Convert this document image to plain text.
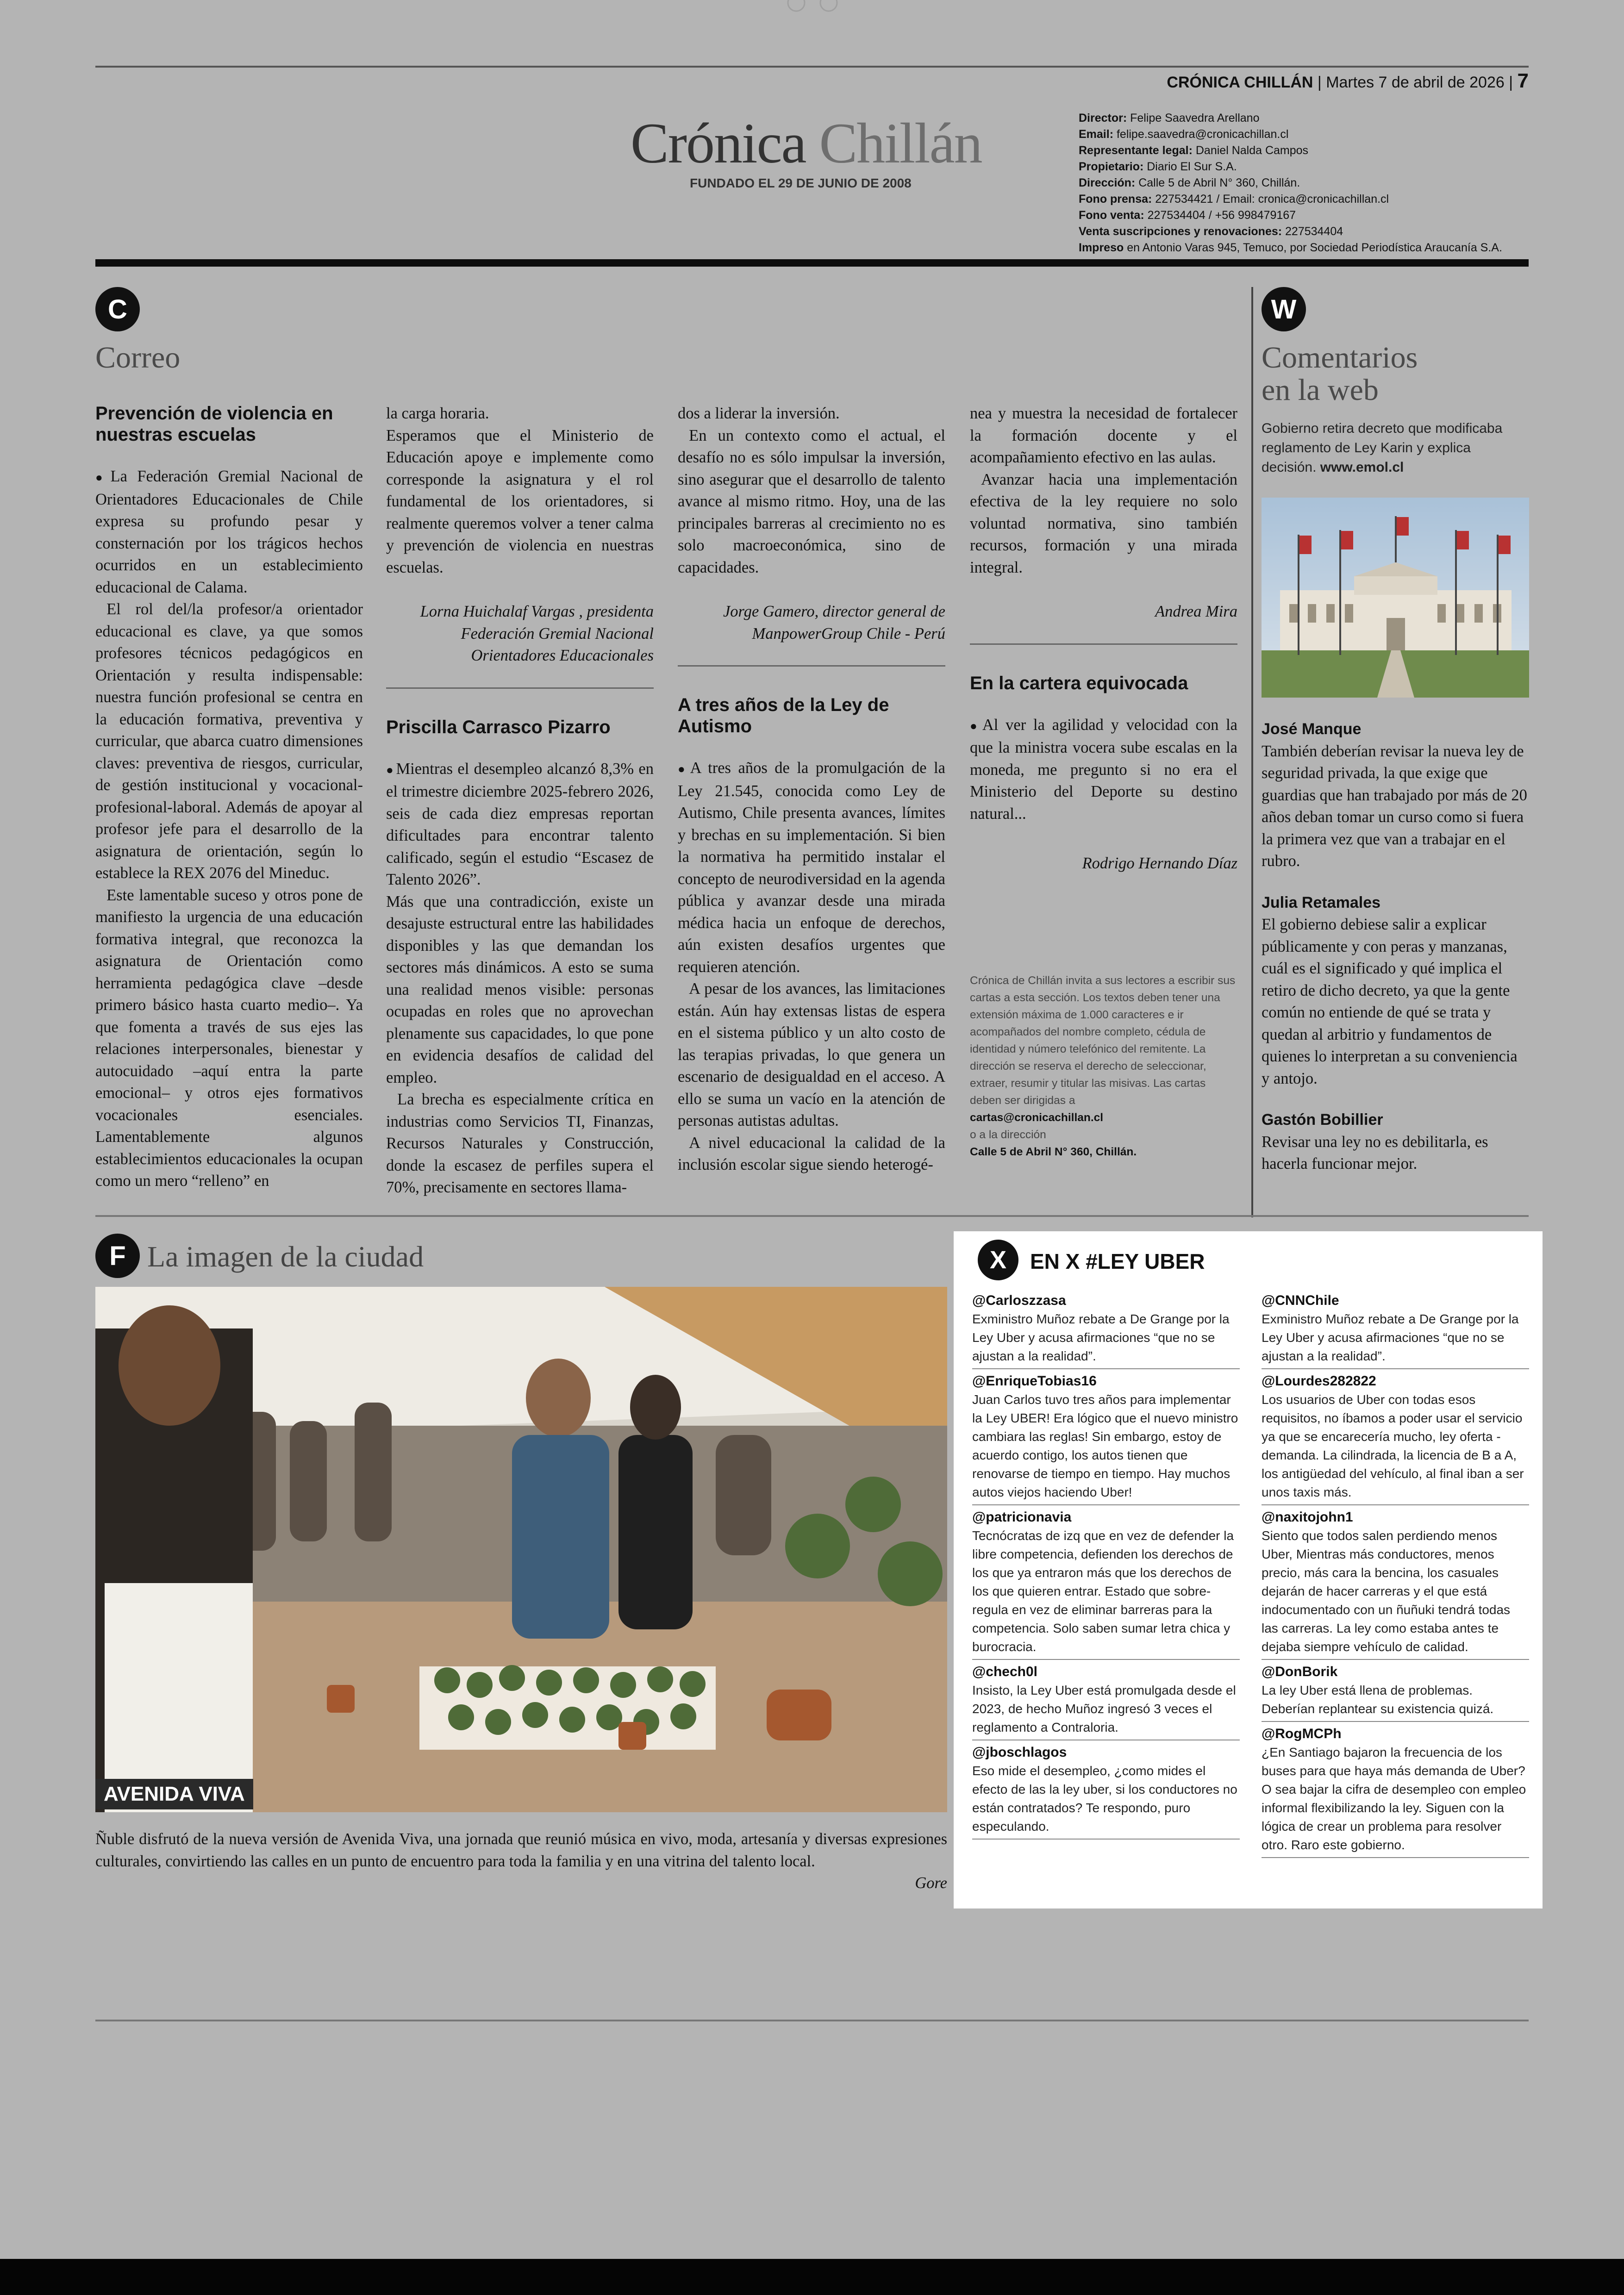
CRÓNICA CHILLÁN | Martes 7 de abril de 2026 | 7
Crónica Chillán
FUNDADO EL 29 DE JUNIO DE 2008

Director: Felipe Saavedra Arellano

Email: felipe.saavedra@cronicachillan.cl

Representante legal: Daniel Nalda Campos

Propietario: Diario El Sur S.A.

Dirección: Calle 5 de Abril N° 360, Chillán.

Fono prensa: 227534421 / Email: cronica@cronicachillan.cl

Fono venta: 227534404 / +56 998479167

Venta suscripciones y renovaciones: 227534404

Impreso en Antonio Varas 945, Temuco, por Sociedad Periodística Araucanía S.A.

C
Correo
Prevención de violencia en nuestras escuelas

● La Federación Gremial Nacional de Orientadores Educacionales de Chile expresa su profundo pesar y consternación por los trágicos hechos ocurridos en un establecimiento educacional de Calama.

El rol del/la profesor/a orientador educacional es clave, ya que somos profesores técnicos pedagógicos en Orientación y resulta indispensable: nuestra función profesional se centra en la educación formativa, preventiva y curricular, que abarca cuatro dimensiones claves: preventiva de riesgos, curricular, de gestión institucional y vocacional-profesional-laboral. Además de apoyar al profesor jefe para el desarrollo de la asignatura de orientación, según lo establece la REX 2076 del Mineduc.

Este lamentable suceso y otros pone de manifiesto la urgencia de una educación formativa integral, que reconozca la asignatura de Orientación como herramienta pedagógica clave –desde primero básico hasta cuarto medio–. Ya que fomenta a través de sus ejes las relaciones interpersonales, bienestar y autocuidado –aquí entra la parte emocional– y otros ejes formativos vocacionales esenciales. Lamentablemente algunos establecimientos educacionales la ocupan como un mero “relleno” en

la carga horaria.

Esperamos que el Ministerio de Educación apoye e implemente como corresponde la asignatura y el rol fundamental de los orientadores, si realmente queremos volver a tener calma y prevención de violencia en nuestras escuelas.

Lorna Huichalaf Vargas , presidenta Federación Gremial Nacional Orientadores Educacionales

Priscilla Carrasco Pizarro

● Mientras el desempleo alcanzó 8,3% en el trimestre diciembre 2025-febrero 2026, seis de cada diez empresas reportan dificultades para encontrar talento calificado, según el estudio “Escasez de Talento 2026”.

Más que una contradicción, existe un desajuste estructural entre las habilidades disponibles y las que demandan los sectores más dinámicos. A esto se suma una realidad menos visible: personas ocupadas en roles que no aprovechan plenamente sus capacidades, lo que pone en evidencia desafíos de calidad del empleo.

La brecha es especialmente crítica en industrias como Servicios TI, Finanzas, Recursos Naturales y Construcción, donde la escasez de perfiles supera el 70%, precisamente en sectores llama-

dos a liderar la inversión.

En un contexto como el actual, el desafío no es sólo impulsar la inversión, sino asegurar que el desarrollo de talento avance al mismo ritmo. Hoy, una de las principales barreras al crecimiento no es solo macroeconómica, sino de capacidades.

Jorge Gamero, director general de ManpowerGroup Chile - Perú

A tres años de la Ley de Autismo

● A tres años de la promulgación de la Ley 21.545, conocida como Ley de Autismo, Chile presenta avances, límites y brechas en su implementación. Si bien la normativa ha permitido instalar el concepto de neurodiversidad en la agenda pública y avanzar desde una mirada médica hacia un enfoque de derechos, aún existen desafíos urgentes que requieren atención.

A pesar de los avances, las limitaciones están. Aún hay extensas listas de espera en el sistema público y un alto costo de las terapias privadas, lo que genera un escenario de desigualdad en el acceso. A ello se suma un vacío en la atención de personas autistas adultas.

A nivel educacional la calidad de la inclusión escolar sigue siendo heterogé-

nea y muestra la necesidad de fortalecer la formación docente y el acompañamiento efectivo en las aulas.

Avanzar hacia una implementación efectiva de la ley requiere no solo voluntad normativa, sino también recursos, formación y una mirada integral.

Andrea Mira

En la cartera equivocada

● Al ver la agilidad y velocidad con la que la ministra vocera sube escalas en la moneda, me pregunto si no era el Ministerio del Deporte su destino natural...

Rodrigo Hernando Díaz

Crónica de Chillán invita a sus lectores a escribir sus cartas a esta sección. Los textos deben tener una extensión máxima de 1.000 caracteres e ir acompañados del nombre completo, cédula de identidad y número telefónico del remitente. La dirección se reserva el derecho de seleccionar, extraer, resumir y titular las misivas. Las cartas deben ser dirigidas a
cartas@cronicachillan.cl
o a la dirección
Calle 5 de Abril N° 360, Chillán.
W
Comentarios
en la web
Gobierno retira decreto que modificaba reglamento de Ley Karin y explica decisión. www.emol.cl

José Manque

También deberían revisar la nueva ley de seguridad privada, la que exige que guardias que han trabajado por más de 20 años deban tomar un curso como si fuera la primera vez que van a trabajar en el rubro.

Julia Retamales

El gobierno debiese salir a explicar públicamente y con peras y manzanas, cuál es el significado y qué implica el retiro de dicho decreto, ya que la gente común no entiende de qué se trata y quedan al arbitrio y fundamentos de quienes lo interpretan a su conveniencia y antojo.

Gastón Bobillier

Revisar una ley no es debilitarla, es hacerla funcionar mejor.

F La imagen de la ciudad
AVENIDA VIVA
Ñuble disfrutó de la nueva versión de Avenida Viva, una jornada que reunió música en vivo, moda, artesanía y diversas expresiones culturales, convirtiendo las calles en un punto de encuentro para toda la familia y en una vitrina del talento local.
Gore
X	EN X #LEY UBER
@Carloszzasa
Exministro Muñoz rebate a De Grange por la Ley Uber y acusa afirmaciones “que no se ajustan a la realidad”.
@EnriqueTobias16
Juan Carlos tuvo tres años para implementar la Ley UBER! Era lógico que el nuevo ministro cambiara las reglas! Sin embargo, estoy de acuerdo contigo, los autos tienen que renovarse de tiempo en tiempo. Hay muchos autos viejos haciendo Uber!
@patricionavia
Tecnócratas de izq que en vez de defender la libre competencia, defienden los derechos de los que ya entraron más que los derechos de los que quieren entrar. Estado que sobre-regula en vez de eliminar barreras para la competencia. Solo saben sumar letra chica y burocracia.
@chech0l
Insisto, la Ley Uber está promulgada desde el 2023, de hecho Muñoz ingresó 3 veces el reglamento a Contraloria.
@jboschlagos
Eso mide el desempleo, ¿como mides el efecto de las la ley uber, si los conductores no están contratados? Te respondo, puro especulando.
@CNNChile
Exministro Muñoz rebate a De Grange por la Ley Uber y acusa afirmaciones “que no se ajustan a la realidad”.
@Lourdes282822
Los usuarios de Uber con todas esos requisitos, no íbamos a poder usar el servicio ya que se encarecería mucho, ley oferta - demanda. La cilindrada, la licencia de B a A, los antigüedad del vehículo, al final iban a ser unos taxis más.
@naxitojohn1
Siento que todos salen perdiendo menos Uber, Mientras más conductores, menos precio, más cara la bencina, los casuales dejarán de hacer carreras y el que está indocumentado con un ñuñuki tendrá todas las carreras. La ley como estaba antes te dejaba siempre vehículo de calidad.
@DonBorik
La ley Uber está llena de problemas. Deberían replantear su existencia quizá.
@RogMCPh
¿En Santiago bajaron la frecuencia de los buses para que haya más demanda de Uber? O sea bajar la cifra de desempleo con empleo informal flexibilizando la ley. Siguen con la lógica de crear un problema para resolver otro. Raro este gobierno.
